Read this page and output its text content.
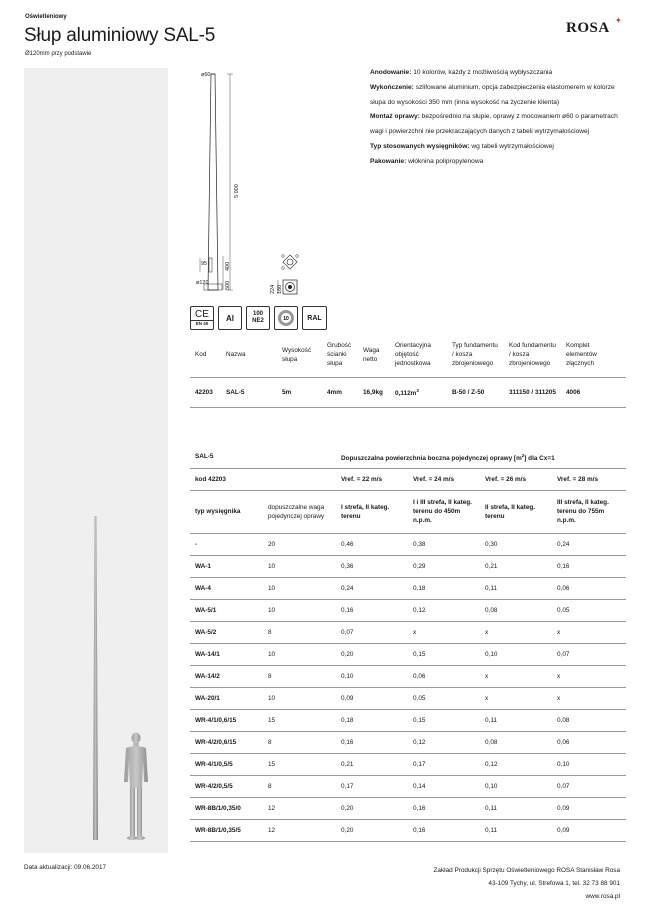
Oświetleniowy
Słup aluminiowy SAL-5
Ø120mm przy podstawie
ROSA ✦
ø60
5 000
95	400
500
ø120
224 180

Anodowanie: 10 kolorów, każdy z możliwością wybłyszczania

Wykończenie: szlifowane aluminium, opcja zabezpieczenia elastomerem w kolorze słupa do wysokości 350 mm (inna wysokość na życzenie klienta)

Montaż oprawy: bezpośrednio na słupie, oprawy z mocowaniem ø60 o parametrach wagi i powierzchni nie przekraczających danych z tabeli wytrzymałościowej

Typ stosowanych wysięgników: wg tabeli wytrzymałościowej

Pakowanie: włóknina polipropylenowa

CE
EN 40
Al	100
NE2	10	RAL
Kod	Nazwa	Wysokość słupa	Grubość ścianki słupa	Waga netto	Orientacyjna objętość jednostkowa	Typ fundamentu / kosza zbrojeniowego	Kod fundamentu / kosza zbrojeniowego	Komplet elementów złącznych
42203	SAL-5	5m	4mm	16,9kg	$0,112m^3$	B-50 / Z-50	311150 / 311205	4006
SAL-5		Dopuszczalna powierzchnia boczna pojedynczej oprawy $[m^2]$ dla Cx=1			
kod 42203		Vref. = 22 m/s	Vref. = 24 m/s	Vref. = 26 m/s	Vref. = 28 m/s
typ wysięgnika	dopuszczalne waga pojedynczej oprawy	I strefa, II kateg. terenu	I i III strefa, II kateg. terenu do 450m n.p.m.	II strefa, II kateg. terenu	III strefa, II kateg. terenu do 755m n.p.m.
-	20	0,46	0,38	0,30	0,24
WA-1	10	0,36	0,29	0,21	0,16
WA-4	10	0,24	0,18	0,11	0,06
WA-5/1	10	0,16	0,12	0,08	0,05
WA-5/2	8	0,07	x	x	x
WA-14/1	10	0,20	0,15	0,10	0,07
WA-14/2	8	0,10	0,06	x	x
WA-20/1	10	0,09	0,05	x	x
WR-4/1/0,6/15	15	0,18	0,15	0,11	0,08
WR-4/2/0,6/15	8	0,16	0,12	0,08	0,06
WR-4/1/0,5/5	15	0,21	0,17	0,12	0,10
WR-4/2/0,5/5	8	0,17	0,14	0,10	0,07
WR-8B/1/0,35/0	12	0,20	0,16	0,11	0,09
WR-8B/1/0,35/5	12	0,20	0,16	0,11	0,09
Data aktualizacji: 09.06.2017	Zakład Produkcji Sprzętu Oświetleniowego ROSA Stanisław Rosa
43-109 Tychy, ul. Strefowa 1, tel. 32 73 88 901
www.rosa.pl
